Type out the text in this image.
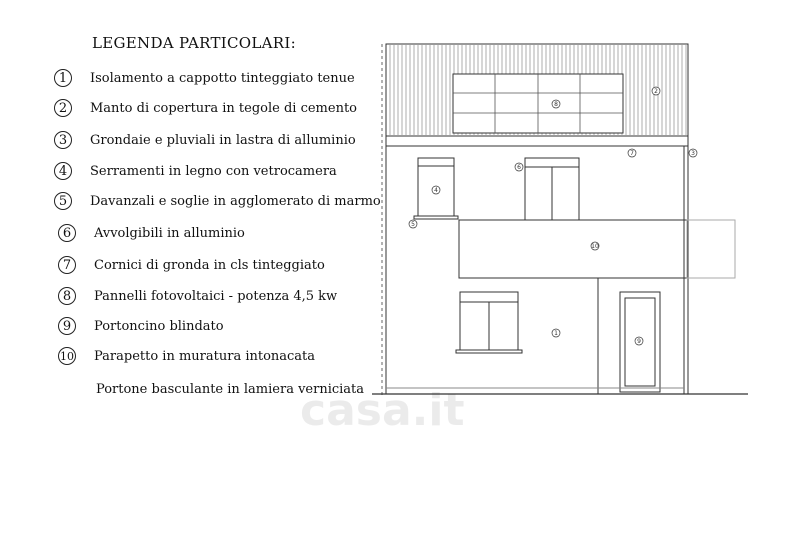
LEGENDA PARTICOLARI:
1	Isolamento a cappotto tinteggiato tenue
2	Manto di copertura in tegole di cemento
3	Grondaie e pluviali in lastra di alluminio
4	Serramenti in legno con vetrocamera
5	Davanzali e soglie in agglomerato di marmo
6	Avvolgibili in alluminio
7	Cornici di gronda in cls tinteggiato
8	Pannelli fotovoltaici - potenza 4,5 kw
9	Portoncino blindato
10 Parapetto in muratura intonacata
Portone basculante in lamiera verniciata
8
2
7	3
4
6
5
10
1
9
casa.it
